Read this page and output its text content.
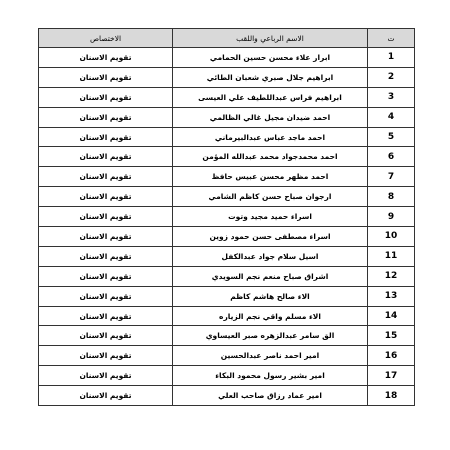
ت	الاسم الرباعي واللقب	الاختصاص
1	ابرار علاء محسن حسين الحمامي	تقويم الاسنان
2	ابراهيم جلال صبري شعبان الطائي	تقويم الاسنان
3	ابراهيم فراس عبداللطيف علي العيسى	تقويم الاسنان
4	احمد ضيدان مجيل غالي الظالمي	تقويم الاسنان
5	احمد ماجد عباس عبدالبيرماني	تقويم الاسنان
6	احمد محمدجواد محمد عبدالله المؤمن	تقويم الاسنان
7	احمد مظهر محسن عبيس حافظ	تقويم الاسنان
8	ارجوان صباح حسن كاظم الشامي	تقويم الاسنان
9	اسراء حميد مجيد وتوت	تقويم الاسنان
10	اسراء مصطفى حسن حمود زوين	تقويم الاسنان
11	اسيل سلام جواد عبدالكفل	تقويم الاسنان
12	اشراق صباح منعم نجم السويدي	تقويم الاسنان
13	الاء صالح هاشم كاظم	تقويم الاسنان
14	الاء مسلم واقي نجم الزياره	تقويم الاسنان
15	الق سامر عبدالزهره صبر العيساوي	تقويم الاسنان
16	امير احمد ناصر عبدالحسين	تقويم الاسنان
17	امير بشير رسول محمود البكاء	تقويم الاسنان
18	امير عماد رزاق صاحب العلي	تقويم الاسنان
